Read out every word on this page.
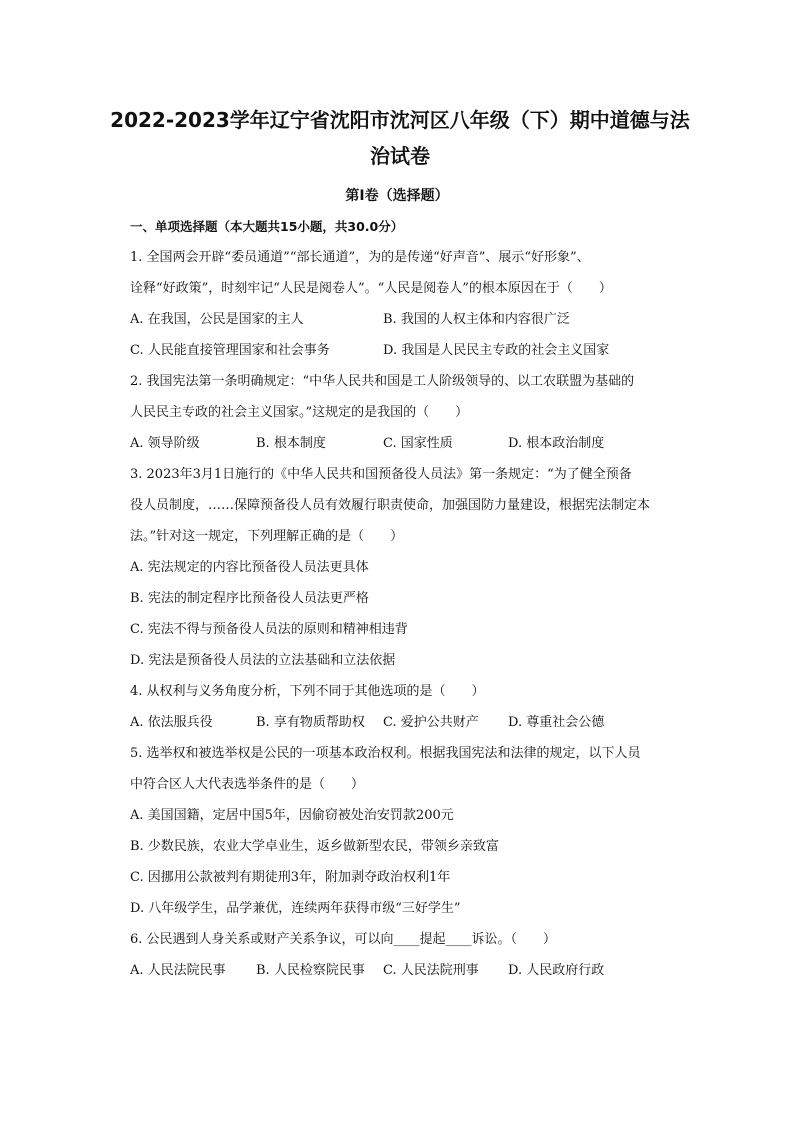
2022-2023学年辽宁省沈阳市沈河区八年级（下）期中道德与法
治试卷
第Ⅰ卷（选择题）
一、单项选择题（本大题共15小题，共30.0分）
1. 全国两会开辟“委员通道”“部长通道”，为的是传递“好声音”、展示“好形象”、
诠释“好政策”，时刻牢记“人民是阅卷人”。“人民是阅卷人”的根本原因在于（　　）
A. 在我国，公民是国家的主人	B. 我国的人权主体和内容很广泛
C. 人民能直接管理国家和社会事务	D. 我国是人民民主专政的社会主义国家
2. 我国宪法第一条明确规定：“中华人民共和国是工人阶级领导的、以工农联盟为基础的
人民民主专政的社会主义国家。”这规定的是我国的（　　）
A. 领导阶级	B. 根本制度	C. 国家性质	D. 根本政治制度
3. 2023年3月1日施行的《中华人民共和国预备役人员法》第一条规定：“为了健全预备
役人员制度，……保障预备役人员有效履行职责使命，加强国防力量建设，根据宪法制定本
法。”针对这一规定，下列理解正确的是（　　）
A. 宪法规定的内容比预备役人员法更具体
B. 宪法的制定程序比预备役人员法更严格
C. 宪法不得与预备役人员法的原则和精神相违背
D. 宪法是预备役人员法的立法基础和立法依据
4. 从权利与义务角度分析，下列不同于其他选项的是（　　）
A. 依法服兵役	B. 享有物质帮助权 C. 爱护公共财产 D. 尊重社会公德
5. 选举权和被选举权是公民的一项基本政治权利。根据我国宪法和法律的规定，以下人员
中符合区人大代表选举条件的是（　　）
A. 美国国籍，定居中国5年，因偷窃被处治安罚款200元
B. 少数民族，农业大学卓业生，返乡做新型农民，带领乡亲致富
C. 因挪用公款被判有期徒刑3年，附加剥夺政治权利1年
D. 八年级学生，品学兼优，连续两年获得市级“三好学生”
6. 公民遇到人身关系或财产关系争议，可以向____提起____诉讼。（　　）
A. 人民法院民事 B. 人民检察院民事 C. 人民法院刑事 D. 人民政府行政
